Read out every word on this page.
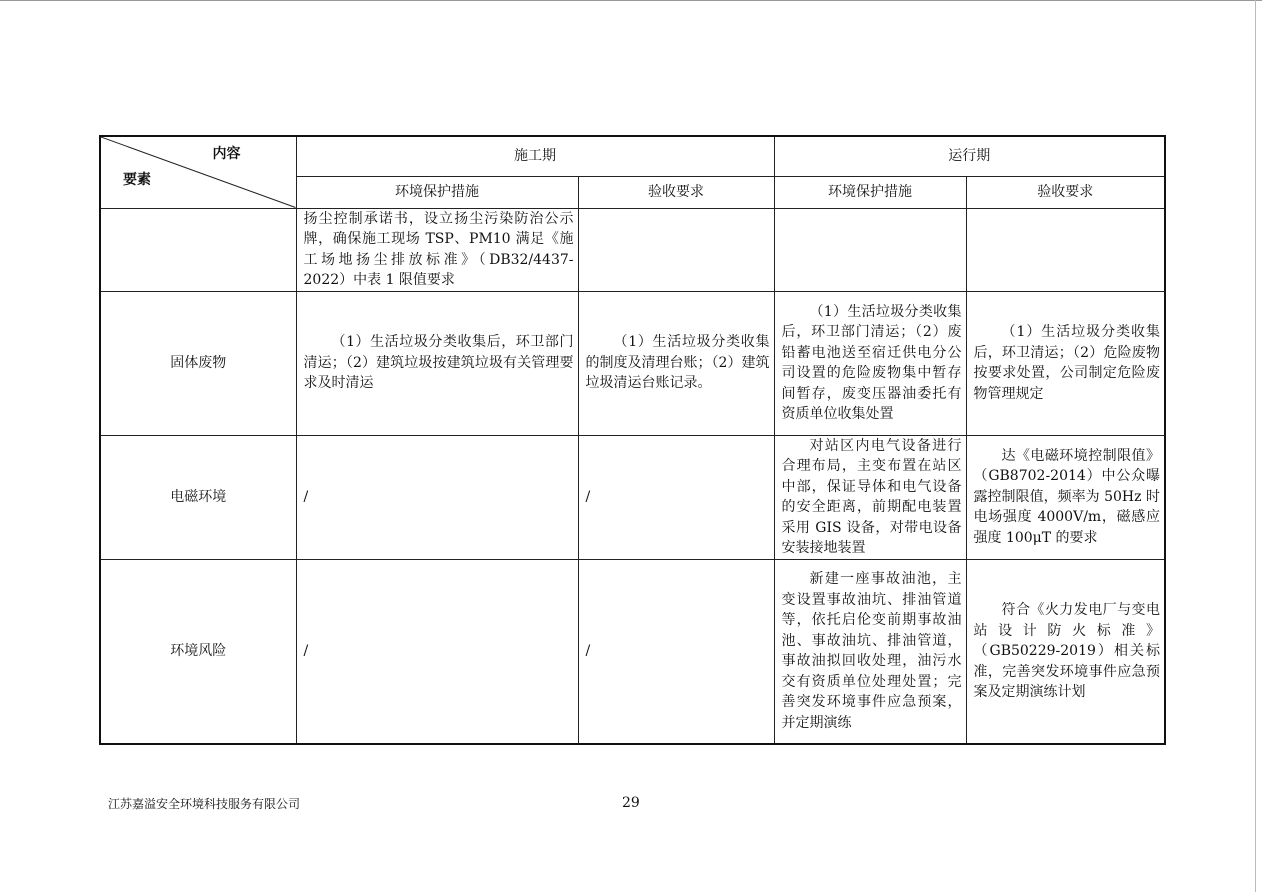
内容
要素	施工期		运行期	
	环境保护措施	验收要求	环境保护措施	验收要求
	扬尘控制承诺书，设立扬尘污染防治公示牌，确保施工现场 TSP、PM10 满足《施工场地扬尘排放标准》（DB32/4437-2022）中表 1 限值要求			
固体废物	（1）生活垃圾分类收集后，环卫部门清运；（2）建筑垃圾按建筑垃圾有关管理要求及时清运	（1）生活垃圾分类收集的制度及清理台账；（2）建筑垃圾清运台账记录。	（1）生活垃圾分类收集后，环卫部门清运；（2）废铅蓄电池送至宿迁供电分公司设置的危险废物集中暂存间暂存，废变压器油委托有资质单位收集处置	（1）生活垃圾分类收集后，环卫清运；（2）危险废物按要求处置，公司制定危险废物管理规定
电磁环境	/	/	对站区内电气设备进行合理布局，主变布置在站区中部，保证导体和电气设备的安全距离，前期配电装置采用 GIS 设备，对带电设备安装接地装置	达《电磁环境控制限值》（GB8702-2014）中公众曝露控制限值，频率为 50Hz 时电场强度 4000V/m，磁感应强度 100μT 的要求
环境风险	/	/	新建一座事故油池，主变设置事故油坑、排油管道等，依托启伦变前期事故油池、事故油坑、排油管道，事故油拟回收处理，油污水交有资质单位处理处置；完善突发环境事件应急预案，并定期演练	符合《火力发电厂与变电站设计防火标准》（GB50229-2019）相关标准，完善突发环境事件应急预案及定期演练计划
江苏嘉溢安全环境科技服务有限公司	29
